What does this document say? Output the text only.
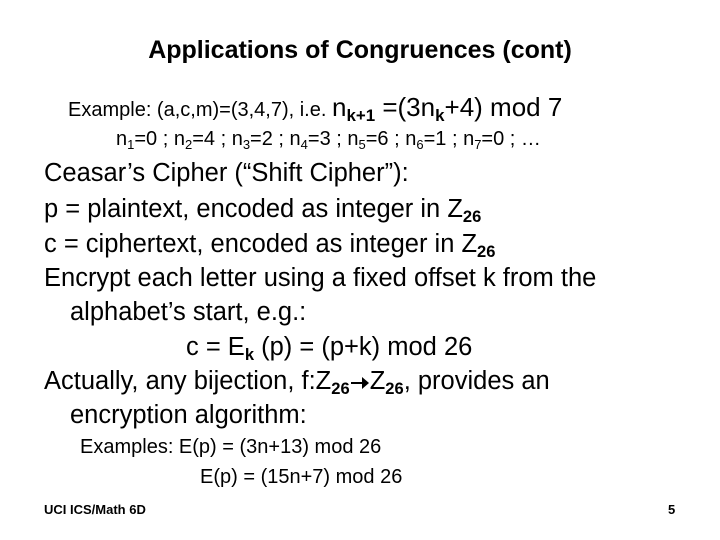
Applications of Congruences (cont)
Example: (a,c,m)=(3,4,7), i.e. $n_{k+1} =(3n_k+4)$ mod 7
$n_1=0$ ; $n_2=4$ ; $n_3=2$ ; $n_4=3$ ; $n_5=6$ ; $n_6=1$ ; $n_7=0$ ; …
Ceasar’s Cipher (“Shift Cipher”):
p = plaintext, encoded as integer in $Z_{26}$
c = ciphertext, encoded as integer in $Z_{26}$
Encrypt each letter using a fixed offset k from the
alphabet’s start, e.g.:
$c = E_k$ (p) = (p+k) mod 26
Actually, any bijection, $f:Z_{26}$ $Z_{26}$, provides an
encryption algorithm:
Examples: E(p) = (3n+13) mod 26
E(p) = (15n+7) mod 26
UCI ICS/Math 6D	5
